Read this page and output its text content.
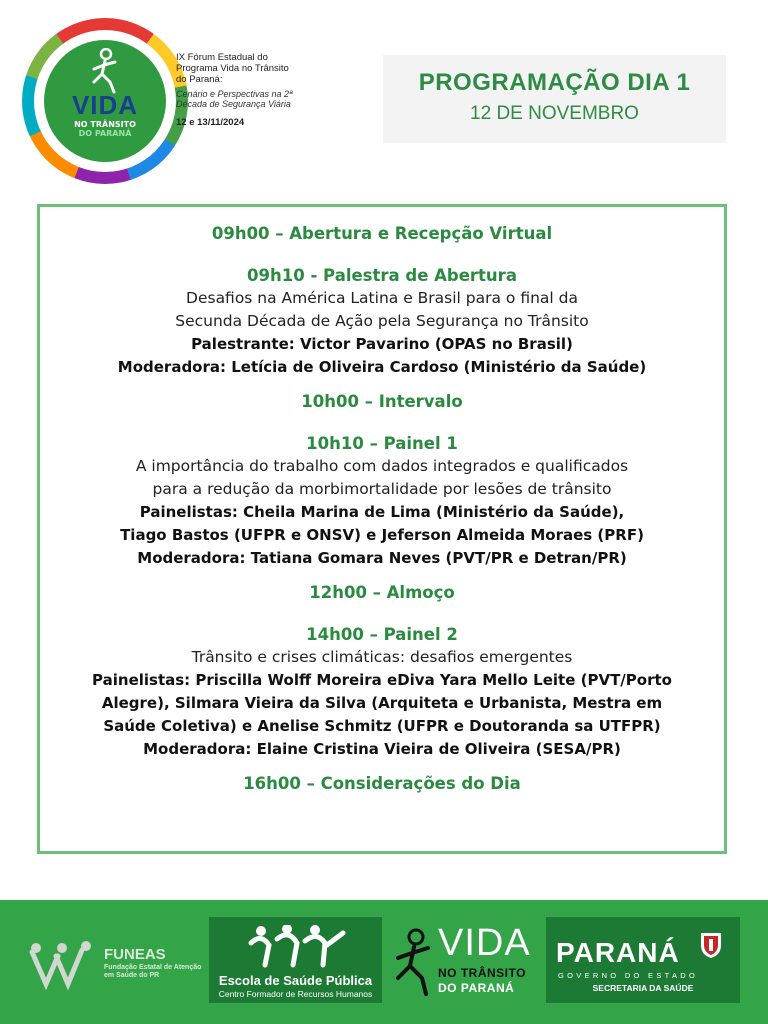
VIDA
NO TRÂNSITO
DO PARANÁ
IX Fórum Estadual do
Programa Vida no Trânsito
do Paraná:
Cenário e Perspectivas na 2ª
Década de Segurança Viária
12 e 13/11/2024
PROGRAMAÇÃO DIA 1
12 DE NOVEMBRO
09h00 – Abertura e Recepção Virtual
09h10 - Palestra de Abertura
Desafios na América Latina e Brasil para o final da
Secunda Década de Ação pela Segurança no Trânsito
Palestrante: Victor Pavarino (OPAS no Brasil)
Moderadora: Letícia de Oliveira Cardoso (Ministério da Saúde)
10h00 – Intervalo
10h10 – Painel 1
A importância do trabalho com dados integrados e qualificados
para a redução da morbimortalidade por lesões de trânsito
Painelistas: Cheila Marina de Lima (Ministério da Saúde),
Tiago Bastos (UFPR e ONSV) e Jeferson Almeida Moraes (PRF)
Moderadora: Tatiana Gomara Neves (PVT/PR e Detran/PR)
12h00 – Almoço
14h00 – Painel 2
Trânsito e crises climáticas: desafios emergentes
Painelistas: Priscilla Wolff Moreira eDiva Yara Mello Leite (PVT/Porto
Alegre), Silmara Vieira da Silva (Arquiteta e Urbanista, Mestra em
Saúde Coletiva) e Anelise Schmitz (UFPR e Doutoranda sa UTFPR)
Moderadora: Elaine Cristina Vieira de Oliveira (SESA/PR)
16h00 – Considerações do Dia
FUNEAS
Fundação Estatal de Atenção em Saúde do PR	Escola de Saúde Pública
Centro Formador de Recursos Humanos
VIDA
NO TRÂNSITO
DO PARANÁ
PARANÁ
GOVERNO DO ESTADO
SECRETARIA DA SAÚDE
